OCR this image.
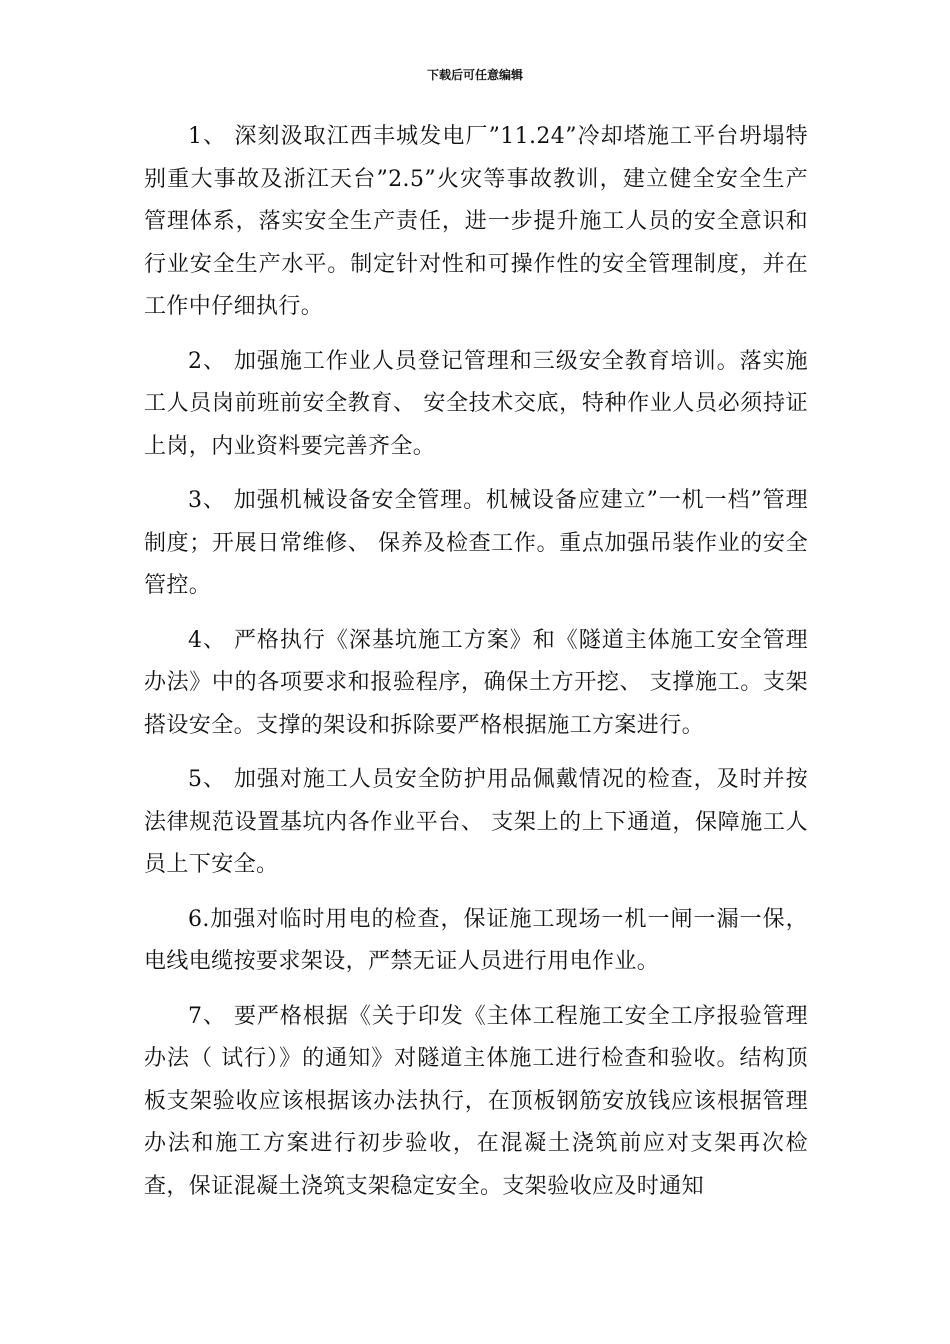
下载后可任意编辑

1、 深刻汲取江西丰城发电厂”11.24”冷却塔施工平台坍塌特别重大事故及浙江天台”2.5”火灾等事故教训，建立健全安全生产管理体系，落实安全生产责任，进一步提升施工人员的安全意识和行业安全生产水平。制定针对性和可操作性的安全管理制度，并在工作中仔细执行。

2、 加强施工作业人员登记管理和三级安全教育培训。落实施工人员岗前班前安全教育、 安全技术交底，特种作业人员必须持证上岗，内业资料要完善齐全。

3、 加强机械设备安全管理。机械设备应建立”一机一档”管理制度；开展日常维修、 保养及检查工作。重点加强吊装作业的安全管控。

4、 严格执行《深基坑施工方案》和《隧道主体施工安全管理办法》中的各项要求和报验程序，确保土方开挖、 支撑施工。支架搭设安全。支撑的架设和拆除要严格根据施工方案进行。

5、 加强对施工人员安全防护用品佩戴情况的检查，及时并按法律规范设置基坑内各作业平台、 支架上的上下通道，保障施工人员上下安全。

6.加强对临时用电的检查，保证施工现场一机一闸一漏一保，电线电缆按要求架设，严禁无证人员进行用电作业。

7、 要严格根据《关于印发《主体工程施工安全工序报验管理办法（ 试行）》的通知》对隧道主体施工进行检查和验收。结构顶板支架验收应该根据该办法执行，在顶板钢筋安放钱应该根据管理办法和施工方案进行初步验收，在混凝土浇筑前应对支架再次检查，保证混凝土浇筑支架稳定安全。支架验收应及时通知
